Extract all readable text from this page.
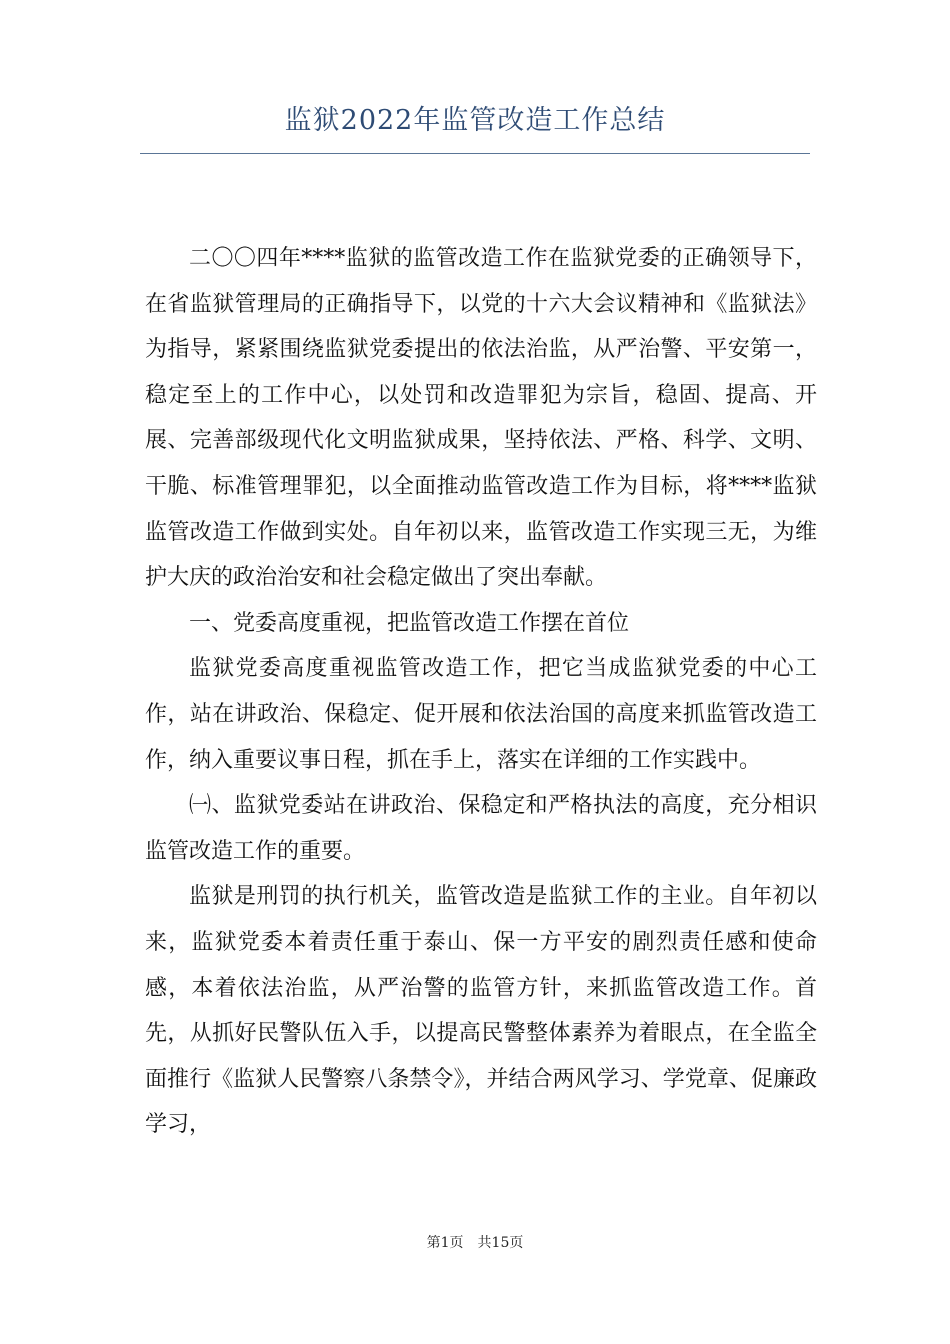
监狱2022年监管改造工作总结

二〇〇四年****监狱的监管改造工作在监狱党委的正确领导下，在省监狱管理局的正确指导下，以党的十六大会议精神和《监狱法》为指导，紧紧围绕监狱党委提出的依法治监，从严治警、平安第一，稳定至上的工作中心，以处罚和改造罪犯为宗旨，稳固、提高、开展、完善部级现代化文明监狱成果，坚持依法、严格、科学、文明、干脆、标准管理罪犯，以全面推动监管改造工作为目标，将****监狱监管改造工作做到实处。自年初以来，监管改造工作实现三无，为维护大庆的政治治安和社会稳定做出了突出奉献。

一、党委高度重视，把监管改造工作摆在首位

监狱党委高度重视监管改造工作，把它当成监狱党委的中心工作，站在讲政治、保稳定、促开展和依法治国的高度来抓监管改造工作，纳入重要议事日程，抓在手上，落实在详细的工作实践中。

㈠、监狱党委站在讲政治、保稳定和严格执法的高度，充分相识监管改造工作的重要。

监狱是刑罚的执行机关，监管改造是监狱工作的主业。自年初以来，监狱党委本着责任重于泰山、保一方平安的剧烈责任感和使命感，本着依法治监，从严治警的监管方针，来抓监管改造工作。首先，从抓好民警队伍入手，以提高民警整体素养为着眼点，在全监全面推行《监狱人民警察八条禁令》，并结合两风学习、学党章、促廉政学习，

第1页 共15页
